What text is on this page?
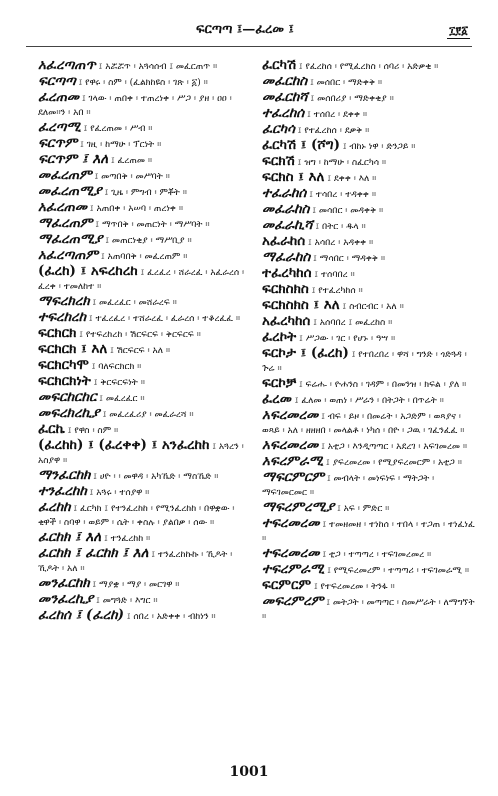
ፍርጣጣ ፤—ፈረመ ፤	፲፻፩

አፈረጣጠጥ ፤ አሯሯጥ ፡ አጓሳሰብ ፤ መፈርጠጥ ።

ፍርጣጣ ፤ የዋሩ ፡ ስም ፡ (ፈልክከዩስ ፡ ገጽ ፡ ፩) ።

ፈረጠመ ፤ ገላው ፡ ጠበቀ ፡ ተጠረነቀ ፡ ሥጋ ፡ ያዘ ፡ ዐዐ ፡ ደለመ።ን ፡ አበ ።

ፈረጣሚ ፤ የፈረጠመ ፡ ሥብ ።

ፍርጥም ፤ ገዚ ፡ ከማሁ ፡ ፕርነት ።

ፍርጥም ፤ እለ ፤ ፈረጠመ ።

መፈረጠም ፤ መጣበቅ ፡ መሥባት ።

መፈረጠሚያ ፤ ጊዜ ፡ ምግብ ፡ ምቾት ።

አፈረጠመ ፤ አጠበቀ ፡ አሠባ ፡ ጠረነቀ ።

ማፈረጠም ፤ ማጥበቅ ፡ መጠርነት ፡ ማሥባት ።

ማፈረጠሚያ ፤ መጠርነቂያ ፡ ማሥቢያ ።

አፈረጣጠም ፤ አጠባበቅ ፡ መፈረጠም ።

(ፈረከ) ፤ አፍረከረከ ፤ ፈረፈረ ፡ ሸራረፈ ፡ አፈራረሰ ፡ ፈረቀ ፡ ተመለከተ ።

ማፍረክረክ ፤ መፈረፈር ፡ መሸራረፍ ።

ተፍረከረከ ፤ ተፈረፈረ ፡ ተሸራረፈ ፡ ፈራረሰ ፡ ተቆረፈፈ ።

ፍርክርክ ፤ የተፍረከረከ ፡ ሽርፍርፍ ፡ ቅርፍርፍ ።

ፍርክርክ ፤ እለ ፤ ሽርፍርፍ ፡ አለ ።

ፍርክርካሞ ፤ ባለፍርክርክ ።

ፍርክርክነት ፤ ቅርፍርፍነት ።

መፍርከርከር ፤ መፈረፈር ።

መፍረክረኪያ ፤ መፈረፈሪያ ፡ መፈራረሻ ።

ፈርኬ ፤ የዋስ ፡ ስም ።

(ፈረከከ) ፤ (ፈረቀቀ) ፤ አንፈረከከ ፤ አጓረን ፡ አስያዋ ።

ማንፈርከክ ፤ ሀዮ ፡ ፡ መዋዳ ፡ አካኼድ ፡ ማስኼድ ።

ተንፈረከከ ፤ አጓሩ ፡ ተሰያዋ ።

ፈረከከ ፤ ፈርካክ ፤ የተንፈረከከ ፡ የሚንፈረከከ ፡ በዋቋው ፡ ቂዋች ፡ ስባዋ ፡ ወይም ፡ ሴት ፡ ቀስሉ ፡ ያልበቃ ፡ ሰው ።

ፈርከክ ፤ እለ ፤ ተንፈረከከ ።

ፈርከክ ፤ ፈርከክ ፤ እለ ፤ ተንፈረከኩኩ ፡ ኺዶት ፡ ኺዶት ፡ አለ ።

መንፈርከክ ፤ ማያቋ ፡ ማያ ፡ መርገዋ ።

መንፈረኪያ ፤ መግጓድ ፡ እግር ።

ፈረከሰ ፤ (ፈረከ) ፤ ሰበረ ፡ አድቀቀ ፡ ብከነን ።

ፈርካሽ ፤ የፈረከሰ ፡ የሚፈረክስ ፡ ሰባሪ ፡ አድቃቂ ።

መፈርከስ ፤ መሰበር ፡ ማድቀቅ ።

መፈርከሻ ፤ መሰበሪያ ፡ ማድቀቂያ ።

ተፈረከሰ ፤ ተሰበረ ፡ ደቀቀ ።

ፈርካሳ ፤ የተፈረከሰ ፡ ደቃቅ ።

ፈርካሽ ፤ (ሾግ) ፤ ብከኑ ነዋ ፡ ድንጋይ ።

ፍርክሽ ፤ ዝግ ፡ ከማሁ ፡ ስፈርካሳ ።

ፍርክስ ፤ እለ ፤ ደቀቀ ፡ እለ ።

ተፈራከሰ ፤ ተሳበረ ፡ ተዳቀቀ ።

መፈራከስ ፤ መሳበር ፡ መዳቀቅ ።

መፈራኪሻ ፤ በትር ፡ ዱላ ።

አፈራከሰ ፤ አሳበረ ፡ አዳቀቀ ።

ማፈራከስ ፤ ማሳበር ፡ ማዳቀቅ ።

ተፈረካከሰ ፤ ተሰባበረ ።

ፍርክስክስ ፤ የተፈረካከሰ ።

ፍርክስክስ ፤ እለ ፤ ስብርብር ፡ አለ ።

አፈረካከሰ ፤ አሰባበረ ፤ መፈረከስ ።

ፈረኮት ፤ ሥጋው ፡ ገር ፡ የሆኑ ፡ ዓሣ ።

ፍርኮታ ፤ (ፈረከ) ፤ የተበረበረ ፡ ዋሻ ፡ ግንድ ፡ ጎድጓዳ ፡ ጕሬ ።

ፍርኮቻ ፤ ፍሬሑ ፡ ዮሐንስ ፡ ገዳም ፡ በመንዝ ፡ ክፍል ፡ ያለ ።

ፈረመ ፤ ፈለመ ፡ ወጠነ ፡ ሥራን ፡ በትጋት ፡ በጥሬት ።

አፍረመረመ ፤ ብፍ ፡ ይዞ ፡ በመሬት ፡ አጋድም ፡ ወጻያና ፡ ወጻይ ፡ አለ ፡ ዘዘዘበ ፡ መላልቶ ፡ ነካሰ ፡ በዮ ፡ ጋዉ ፡ ገፈንፈፈ ።

አፍረመረመ ፤ አቲጋ ፡ እንዲጣጣር ፡ አደረገ ፡ አፍገመረመ ።

አፍረምራሚ ፤ ያፍረመረመ ፡ የሚያፍረመርም ፡ አቲጋ ።

ማፍርምርም ፤ መብላት ፡ መነፍነፍ ፡ ማትጋት ፡ ማፍገመርመር ።

ማፍረምረሚያ ፤ አፍ ፡ ምድር ።

ተፍረመረመ ፤ ተመዘመዘ ፡ ተነከሰ ፡ ተበላ ፡ ተጋጠ ፡ ተነፈነፈ ።

ተፍረመረመ ፤ ቲጋ ፡ ተጣጣረ ፡ ተፍገመረመረ ።

ተፍረምራሚ ፤ የሚፍረመረም ፡ ተጣጣሪ ፡ ተፍገመራሚ ።

ፍርምርም ፤ የተፍረመረመ ፡ ትንፋ ።

መፍረምረም ፤ መትጋት ፡ መጣጣር ፡ ስመሥራት ፡ ለማግኘት ።

1001
